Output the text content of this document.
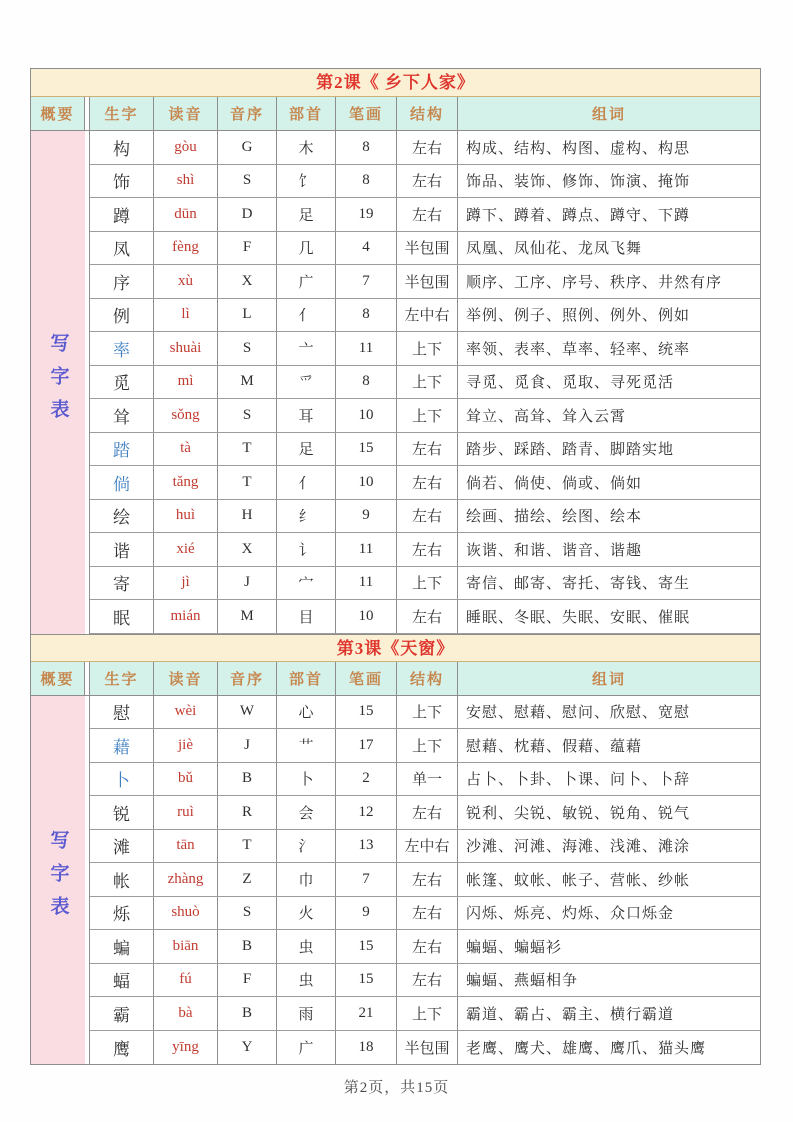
第2课《 乡下人家》
概要	生字	读音	音序	部首	笔画	结构	组词
写字表
构	gòu	G	木	8	左右	构成、结构、构图、虚构、构思
饰	shì	S	饣	8	左右	饰品、装饰、修饰、饰演、掩饰
蹲	dūn	D	足	19	左右	蹲下、蹲着、蹲点、蹲守、下蹲
凤	fèng	F	几	4	半包围	凤凰、凤仙花、龙凤飞舞
序	xù	X	广	7	半包围	顺序、工序、序号、秩序、井然有序
例	lì	L	亻	8	左中右	举例、例子、照例、例外、例如
率	shuài	S	亠	11	上下	率领、表率、草率、轻率、统率
觅	mì	M	爫	8	上下	寻觅、觅食、觅取、寻死觅活
耸	sǒng	S	耳	10	上下	耸立、高耸、耸入云霄
踏	tà	T	足	15	左右	踏步、踩踏、踏青、脚踏实地
倘	tǎng	T	亻	10	左右	倘若、倘使、倘或、倘如
绘	huì	H	纟	9	左右	绘画、描绘、绘图、绘本
谐	xié	X	讠	11	左右	诙谐、和谐、谐音、谐趣
寄	jì	J	宀	11	上下	寄信、邮寄、寄托、寄钱、寄生
眠	mián	M	目	10	左右	睡眠、冬眠、失眠、安眠、催眠
第3课《天窗》
概要	生字	读音	音序	部首	笔画	结构	组词
写字表
慰	wèi	W	心	15	上下	安慰、慰藉、慰问、欣慰、宽慰
藉	jiè	J	艹	17	上下	慰藉、枕藉、假藉、蕴藉
卜	bǔ	B	卜	2	单一	占卜、卜卦、卜课、问卜、卜辞
锐	ruì	R	会	12	左右	锐利、尖锐、敏锐、锐角、锐气
滩	tān	T	氵	13	左中右	沙滩、河滩、海滩、浅滩、滩涂
帐	zhàng	Z	巾	7	左右	帐篷、蚊帐、帐子、营帐、纱帐
烁	shuò	S	火	9	左右	闪烁、烁亮、灼烁、众口烁金
蝙	biān	B	虫	15	左右	蝙蝠、蝙蝠衫
蝠	fú	F	虫	15	左右	蝙蝠、燕蝠相争
霸	bà	B	雨	21	上下	霸道、霸占、霸主、横行霸道
鹰	yīng	Y	广	18	半包围	老鹰、鹰犬、雄鹰、鹰爪、猫头鹰
第2页，共15页
